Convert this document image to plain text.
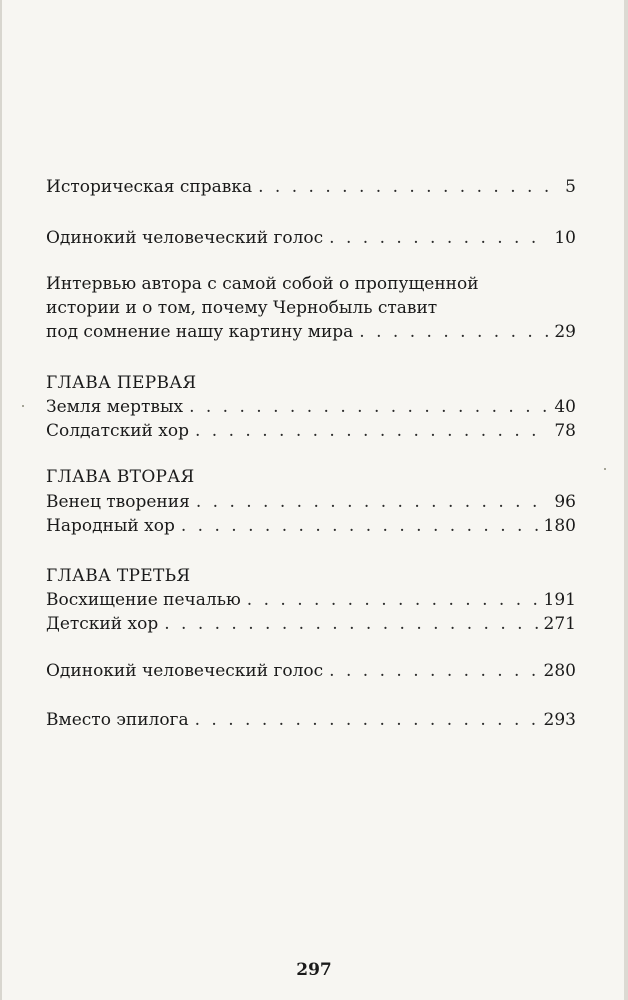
Историческая справка . . .	5
Одинокий человеческий голос . . .	10
Интервью автора с самой собой о пропущенной
истории и о том, почему Чернобыль ставит
под сомнение нашу картину мира . . .	29
ГЛАВА ПЕРВАЯ
Земля мертвых . . .	40
Солдатский хор . . .	78
ГЛАВА ВТОРАЯ
Венец творения . . .	96
Народный хор . . .	180
ГЛАВА ТРЕТЬЯ
Восхищение печалью . . .	191
Детский хор . . .	271
Одинокий человеческий голос . . .	280
Вместо эпилога . . .	293
297
